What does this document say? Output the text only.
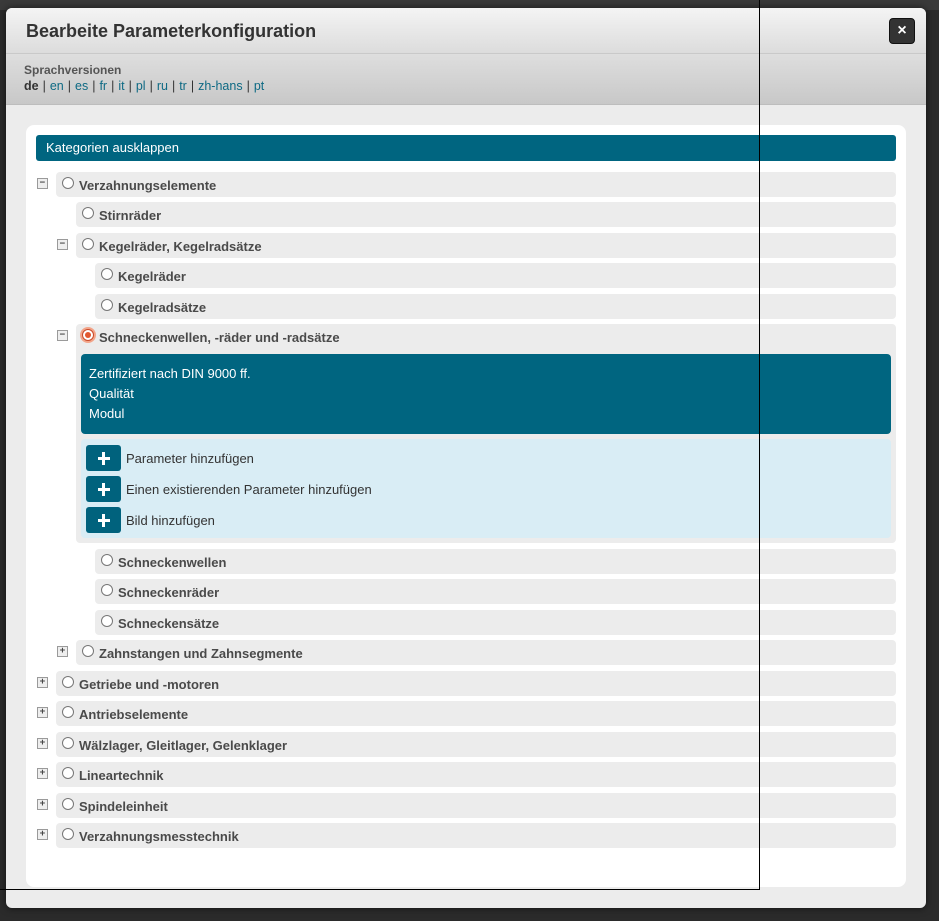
Bearbeite Parameterkonfiguration	×
Sprachversionen
de | en | es | fr | it | pl | ru | tr | zh-hans | pt
Kategorien ausklappen
−	Verzahnungselemente
Stirnräder
−	Kegelräder, Kegelradsätze
Kegelräder
Kegelradsätze
−	Schneckenwellen, -räder und -radsätze
Zertifiziert nach DIN 9000 ff.
Qualität
Modul
Parameter hinzufügen
Einen existierenden Parameter hinzufügen
Bild hinzufügen
Schneckenwellen
Schneckenräder
Schneckensätze
+	Zahnstangen und Zahnsegmente
+	Getriebe und -motoren
+	Antriebselemente
+	Wälzlager, Gleitlager, Gelenklager
+	Lineartechnik
+	Spindeleinheit
+	Verzahnungsmesstechnik
